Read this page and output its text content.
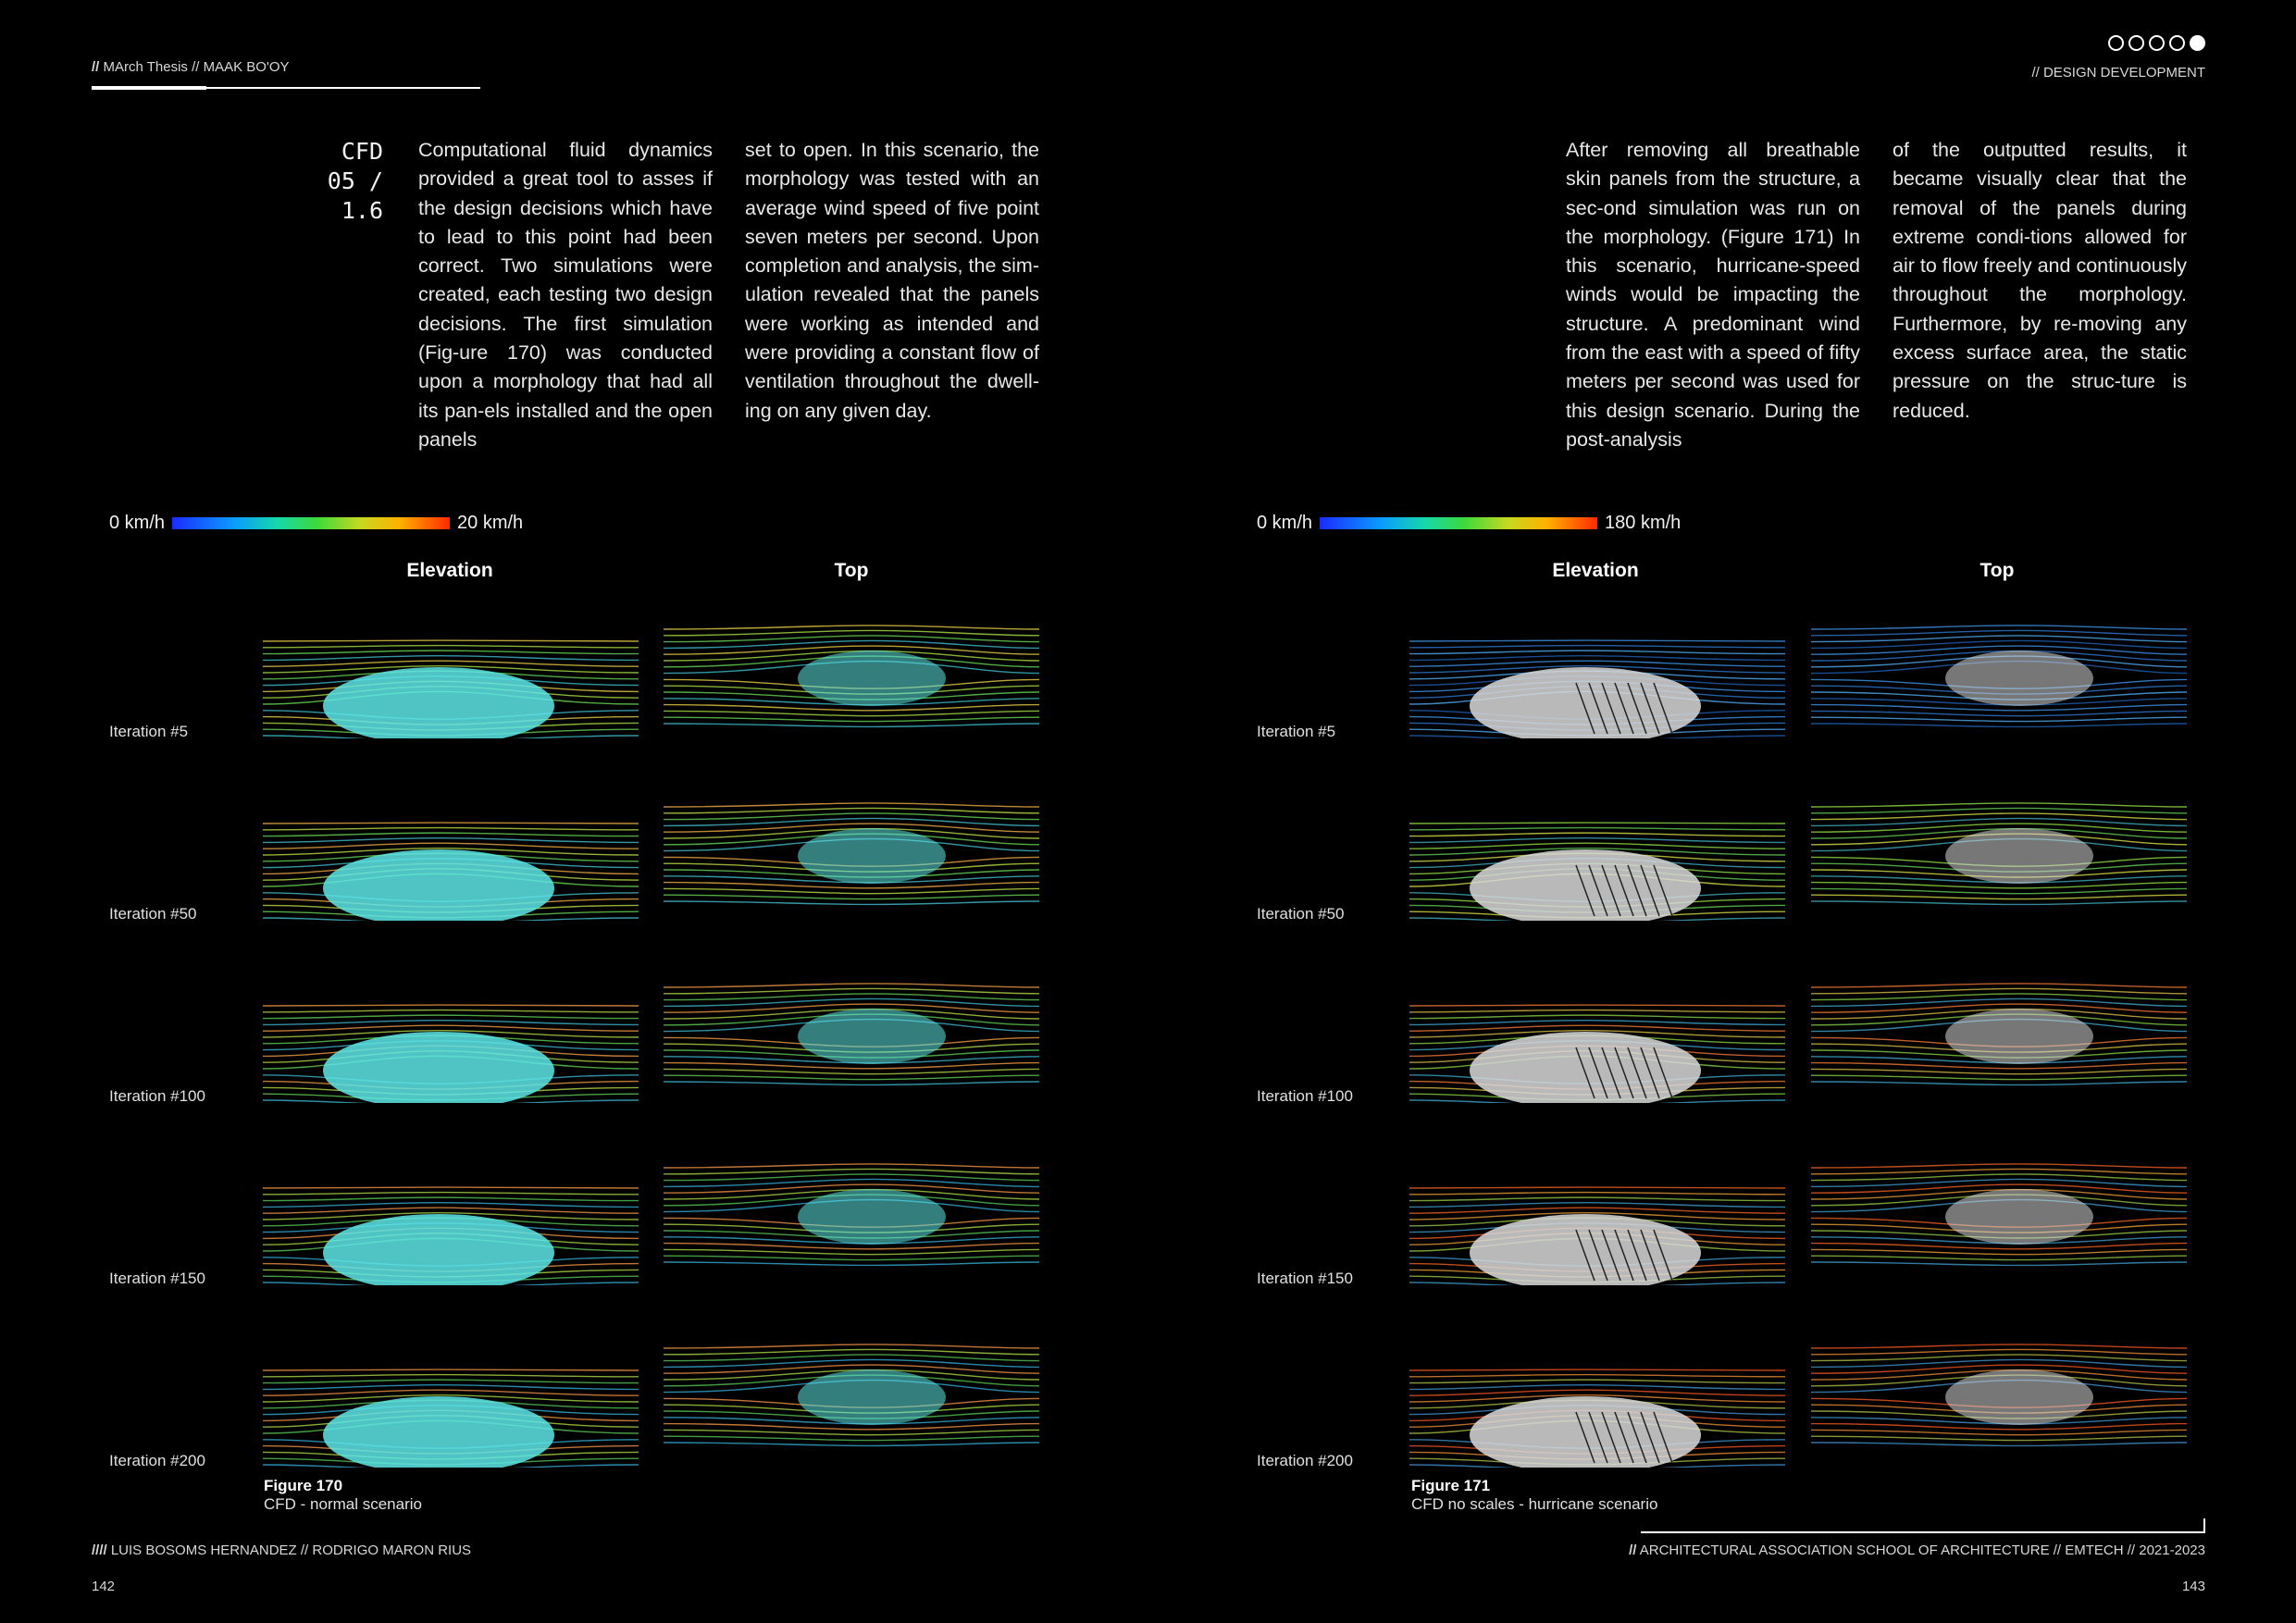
// MArch Thesis // MAAK BO'OY	// DESIGN DEVELOPMENT
CFD
05 / 1.6
Computational fluid dynamics provided a great tool to asses if the design decisions which have to lead to this point had been correct. Two simulations were created, each testing two design decisions. The first simulation (Fig-ure 170) was conducted upon a morphology that had all its pan-els installed and the open panels
set to open. In this scenario, the morphology was tested with an average wind speed of five point seven meters per second. Upon completion and analysis, the sim-ulation revealed that the panels were working as intended and were providing a constant flow of ventilation throughout the dwell-ing on any given day.
After removing all breathable skin panels from the structure, a sec-ond simulation was run on the morphology. (Figure 171) In this scenario, hurricane-speed winds would be impacting the structure. A predominant wind from the east with a speed of fifty meters per second was used for this design scenario. During the post-analysis
of the outputted results, it became visually clear that the removal of the panels during extreme condi-tions allowed for air to flow freely and continuously throughout the morphology. Furthermore, by re-moving any excess surface area, the static pressure on the struc-ture is reduced.
0 km/h	20 km/h
Elevation	Top
Iteration #5
Iteration #50
Iteration #100
Iteration #150
Iteration #200
Figure 170
CFD - normal scenario
0 km/h	180 km/h
Elevation	Top
Iteration #5
Iteration #50
Iteration #100
Iteration #150
Iteration #200
Figure 171
CFD no scales - hurricane scenario
//// LUIS BOSOMS HERNANDEZ // RODRIGO MARON RIUS	// ARCHITECTURAL ASSOCIATION SCHOOL OF ARCHITECTURE // EMTECH // 2021-2023
142	143
